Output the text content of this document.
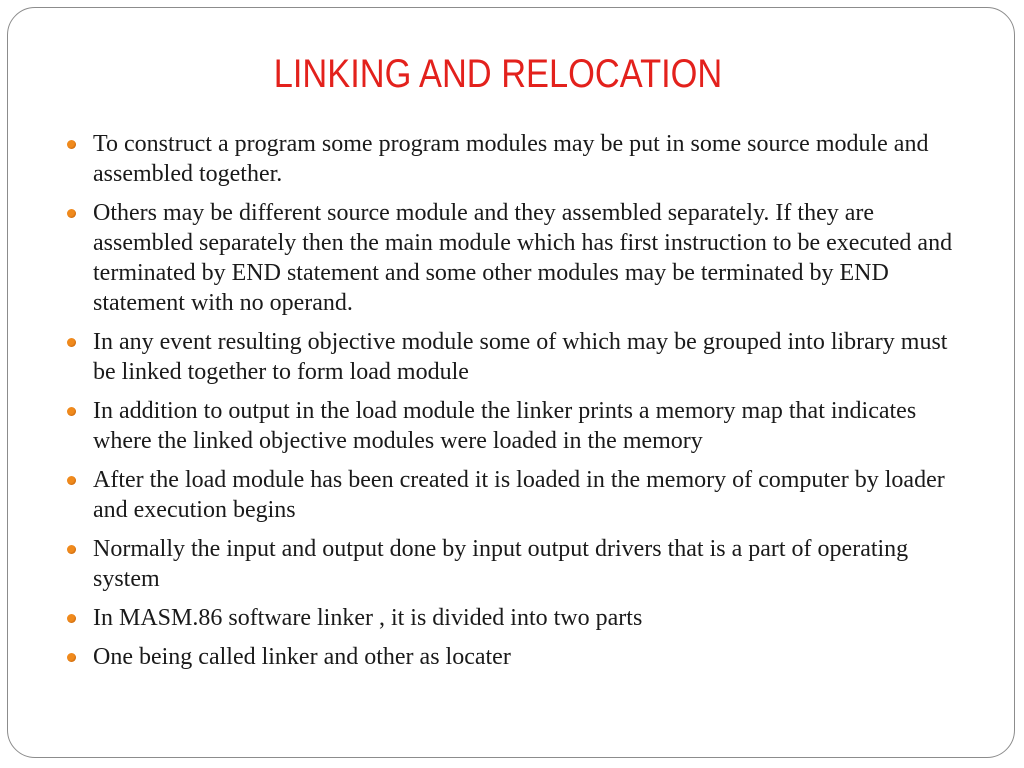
LINKING AND RELOCATION
To construct a program some program modules may be put in some source module and assembled together.
Others may be different source module and they assembled separately. If they are assembled separately then the main module which has first instruction to be executed and terminated by END statement and some other modules may be terminated by END statement with no operand.
In any event resulting objective module some of which may be grouped into library must be linked together to form load module
In addition to output in the load module the linker prints a memory map that indicates where the linked objective modules were loaded in the memory
After the load module has been created it is loaded in the memory of computer by loader and execution begins
Normally the input and output done by input output drivers that is a part of operating system
In MASM.86 software linker , it is divided into two parts
One being called linker and other as locater
